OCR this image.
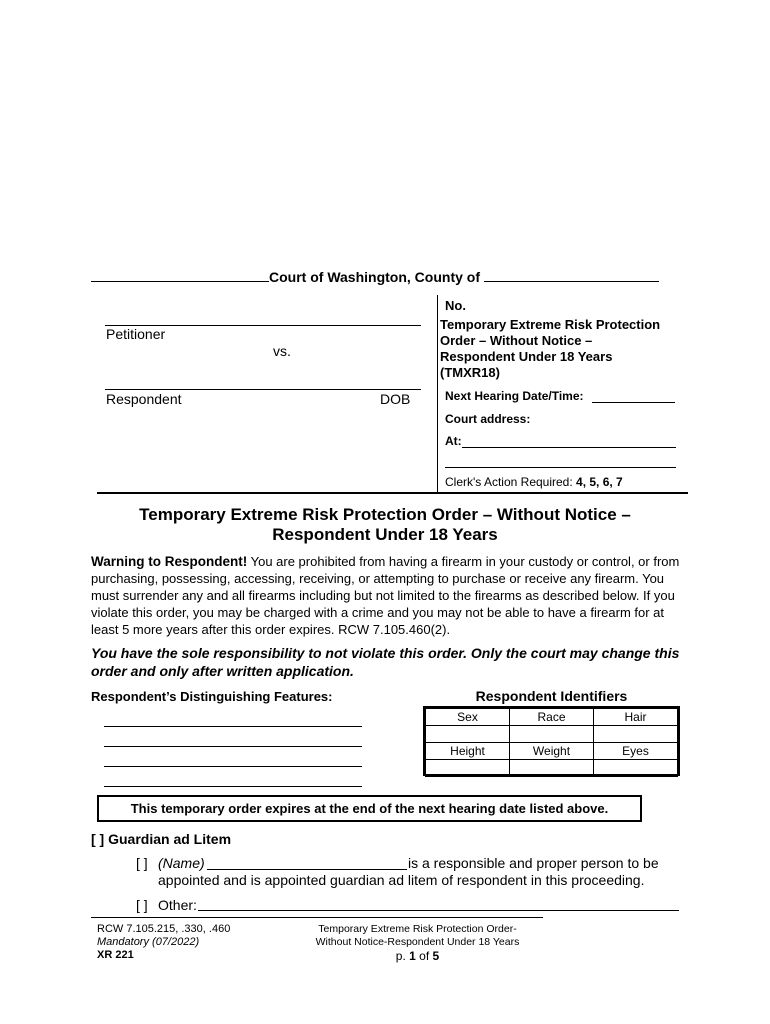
Court of Washington, County of
Petitioner
vs.
Respondent	DOB
No.
Temporary Extreme Risk Protection
Order – Without Notice –
Respondent Under 18 Years
(TMXR18)
Next Hearing Date/Time:
Court address:
At:
Clerk's Action Required: 4, 5, 6, 7
Temporary Extreme Risk Protection Order – Without Notice –
Respondent Under 18 Years
Warning to Respondent! You are prohibited from having a firearm in your custody or control, or from purchasing, possessing, accessing, receiving, or attempting to purchase or receive any firearm. You must surrender any and all firearms including but not limited to the firearms as described below. If you violate this order, you may be charged with a crime and you may not be able to have a firearm for at least 5 more years after this order expires. RCW 7.105.460(2).
You have the sole responsibility to not violate this order. Only the court may change this order and only after written application.
Respondent’s Distinguishing Features:	Respondent Identifiers
Sex	Race	Hair

Height	Weight	Eyes

This temporary order expires at the end of the next hearing date listed above.
[ ] Guardian ad Litem
[ ] (Name)	is a responsible and proper person to be
appointed and is appointed guardian ad litem of respondent in this proceeding.
[ ] Other:
RCW 7.105.215, .330, .460
Mandatory (07/2022)
XR 221
Temporary Extreme Risk Protection Order-
Without Notice-Respondent Under 18 Years
p. 1 of 5
